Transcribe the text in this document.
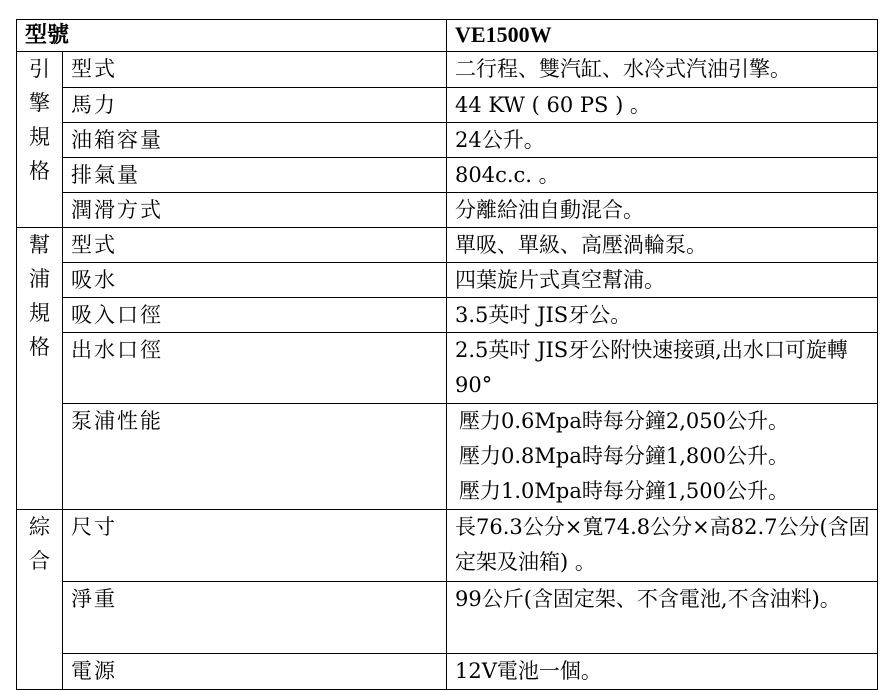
型號		VE1500W

引
擎
規
格	型式	二行程、雙汽缸、水冷式汽油引擎。
	馬力	44 KW ( 60 PS ) 。
	油箱容量	24公升。
	排氣量	804c.c. 。
	潤滑方式	分離給油自動混合。

幫
浦
規
格	型式	單吸、單級、高壓渦輪泵。
	吸水	四葉旋片式真空幫浦。
	吸入口徑	3.5英吋 JIS牙公。
	出水口徑	2.5英吋 JIS牙公附快速接頭,出水口可旋轉90°
	泵浦性能	壓力0.6Mpa時每分鐘2,050公升。
壓力0.8Mpa時每分鐘1,800公升。
壓力1.0Mpa時每分鐘1,500公升。

綜
合	尺寸	長76.3公分×寬74.8公分×高82.7公分(含固定架及油箱) 。
	淨重	99公斤(含固定架、不含電池,不含油料)。
	電源	12V電池一個。
